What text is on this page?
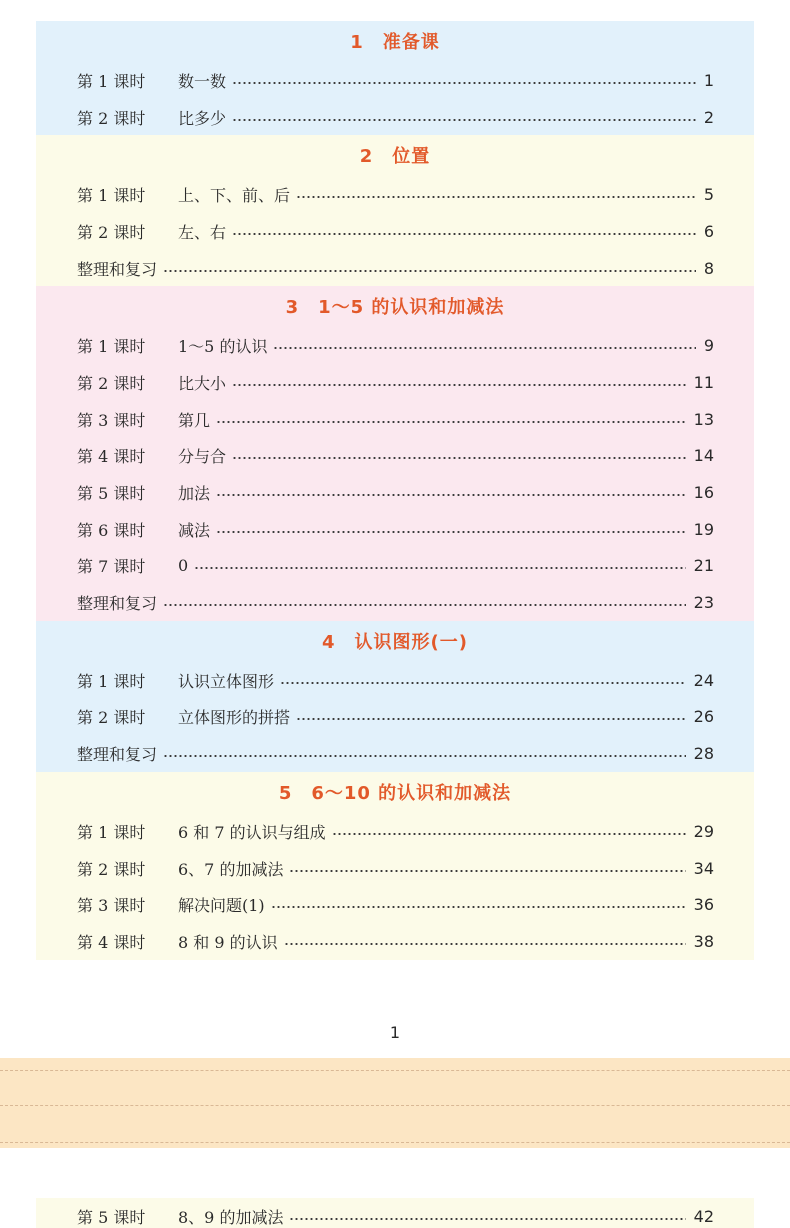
1　准备课
第 1 课时	数一数	1
第 2 课时	比多少	2
2　位置
第 1 课时	上、下、前、后	5
第 2 课时	左、右	6
整理和复习	8
3　1～5 的认识和加减法
第 1 课时	1～5 的认识	9
第 2 课时	比大小	11
第 3 课时	第几	13
第 4 课时	分与合	14
第 5 课时	加法	16
第 6 课时	减法	19
第 7 课时	0	21
整理和复习	23
4　认识图形(一)
第 1 课时	认识立体图形	24
第 2 课时	立体图形的拼搭	26
整理和复习	28
5　6～10 的认识和加减法
第 1 课时	6 和 7 的认识与组成	29
第 2 课时	6、7 的加减法	34
第 3 课时	解决问题(1)	36
第 4 课时	8 和 9 的认识	38
1
第 5 课时	8、9 的加减法	42
